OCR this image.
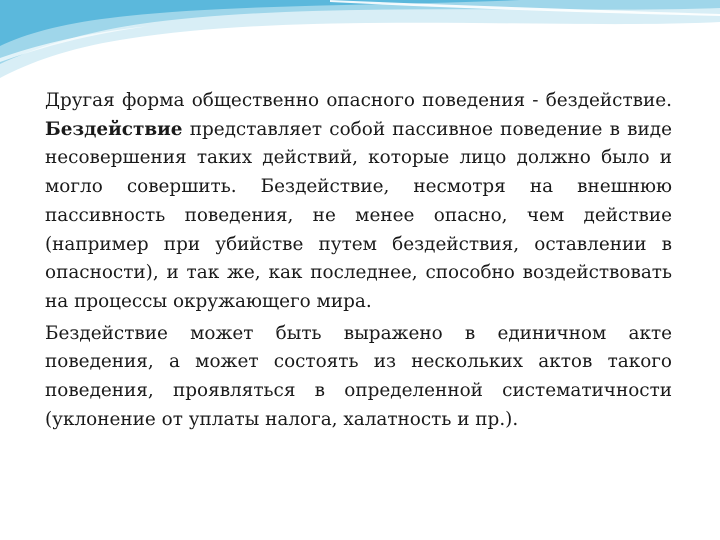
Другая форма общественно опасного поведения - бездействие. Бездействие представляет собой пассивное поведение в виде несовершения таких действий, которые лицо должно было и могло совершить. Бездействие, несмотря на внешнюю пассивность поведения, не менее опасно, чем действие (например при убийстве путем бездействия, оставлении в опасности), и так же, как последнее, способно воздействовать на процессы окружающего мира.

Бездействие может быть выражено в единичном акте поведения, а может состоять из нескольких актов такого поведения, проявляться в определенной систематичности (уклонение от уплаты налога, халатность и пр.).
